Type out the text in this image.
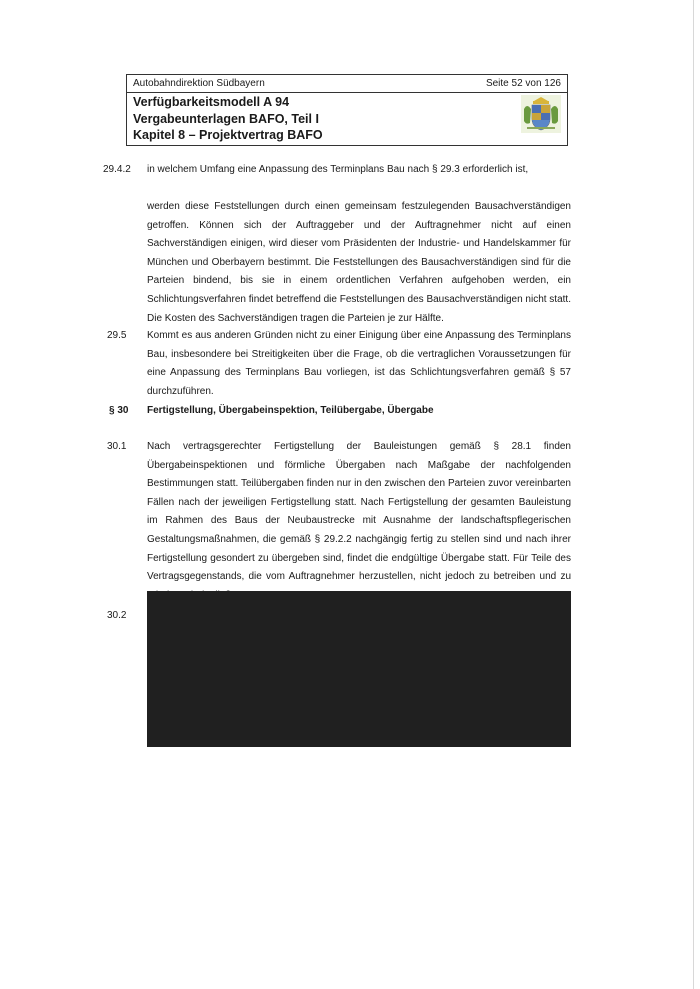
Autobahndirektion Südbayern	Seite 52 von 126
Verfügbarkeitsmodell A 94
Vergabeunterlagen BAFO, Teil I
Kapitel 8 – Projektvertrag BAFO
29.4.2 in welchem Umfang eine Anpassung des Terminplans Bau nach § 29.3 erforderlich ist,
werden diese Feststellungen durch einen gemeinsam festzulegenden Bausachverständigen getroffen. Können sich der Auftraggeber und der Auftragnehmer nicht auf einen Sachverständigen einigen, wird dieser vom Präsidenten der Industrie- und Handelskammer für München und Oberbayern bestimmt. Die Feststellungen des Bausachverständigen sind für die Parteien bindend, bis sie in einem ordentlichen Verfahren aufgehoben werden, ein Schlichtungsverfahren findet betreffend die Feststellungen des Bausachverständigen nicht statt. Die Kosten des Sachverständigen tragen die Parteien je zur Hälfte.
29.5 Kommt es aus anderen Gründen nicht zu einer Einigung über eine Anpassung des Terminplans Bau, insbesondere bei Streitigkeiten über die Frage, ob die vertraglichen Voraussetzungen für eine Anpassung des Terminplans Bau vorliegen, ist das Schlichtungsverfahren gemäß § 57 durchzuführen.
§ 30 Fertigstellung, Übergabeinspektion, Teilübergabe, Übergabe
30.1 Nach vertragsgerechter Fertigstellung der Bauleistungen gemäß § 28.1 finden Übergabeinspektionen und förmliche Übergaben nach Maßgabe der nachfolgenden Bestimmungen statt. Teilübergaben finden nur in den zwischen den Parteien zuvor vereinbarten Fällen nach der jeweiligen Fertigstellung statt. Nach Fertigstellung der gesamten Bauleistung im Rahmen des Baus der Neubaustrecke mit Ausnahme der landschaftspflegerischen Gestaltungsmaßnahmen, die gemäß § 29.2.2 nachgängig fertig zu stellen sind und nach ihrer Fertigstellung gesondert zu übergeben sind, findet die endgültige Übergabe statt. Für Teile des Vertragsgegenstands, die vom Auftragnehmer herzustellen, nicht jedoch zu betreiben und zu
30.2
